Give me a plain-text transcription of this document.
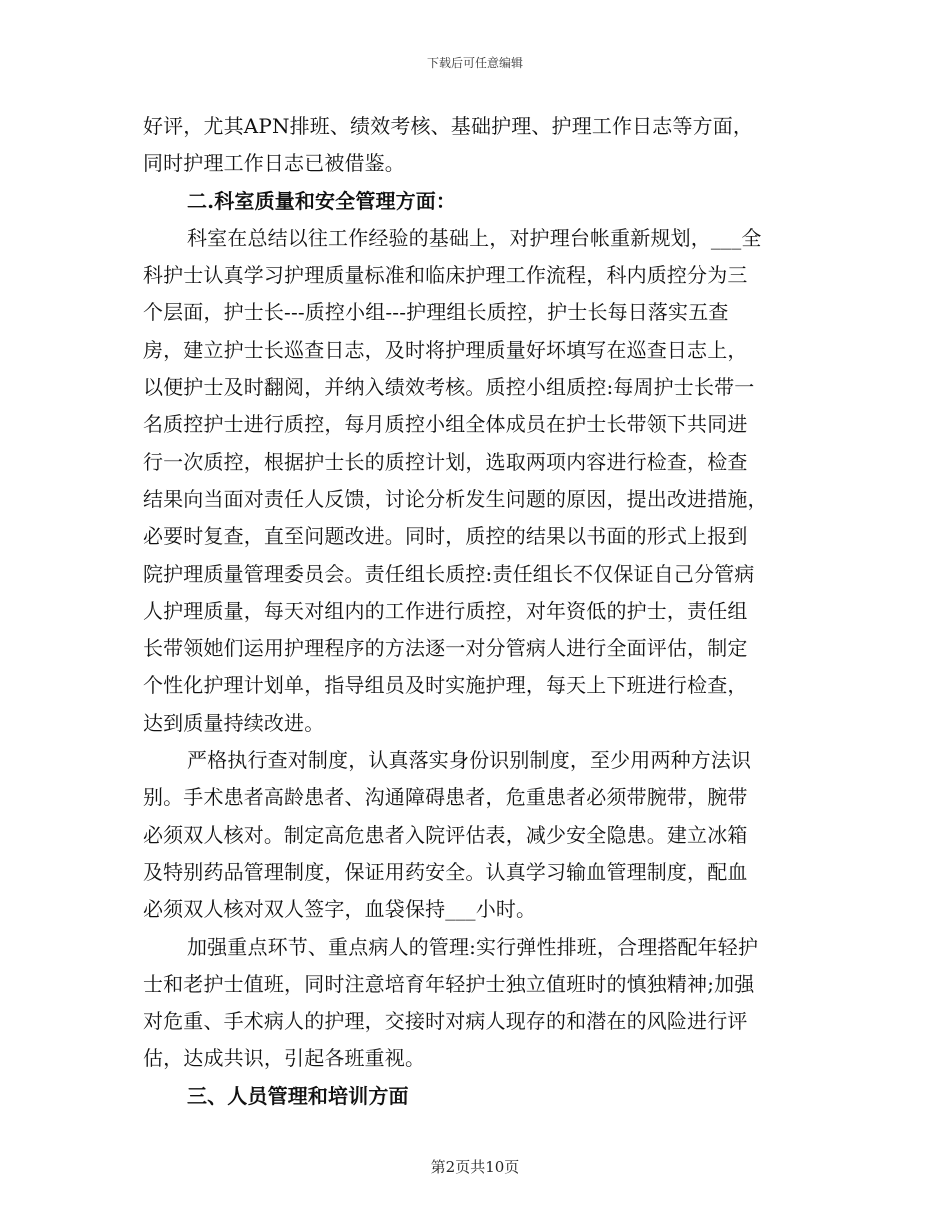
下载后可任意编辑
好评，尤其APN排班、绩效考核、基础护理、护理工作日志等方面，
同时护理工作日志已被借鉴。
二.科室质量和安全管理方面：
科室在总结以往工作经验的基础上，对护理台帐重新规划，___全
科护士认真学习护理质量标准和临床护理工作流程，科内质控分为三
个层面，护士长---质控小组---护理组长质控，护士长每日落实五查
房，建立护士长巡查日志，及时将护理质量好坏填写在巡查日志上，
以便护士及时翻阅，并纳入绩效考核。质控小组质控:每周护士长带一
名质控护士进行质控，每月质控小组全体成员在护士长带领下共同进
行一次质控，根据护士长的质控计划，选取两项内容进行检查，检查
结果向当面对责任人反馈，讨论分析发生问题的原因，提出改进措施，
必要时复查，直至问题改进。同时，质控的结果以书面的形式上报到
院护理质量管理委员会。责任组长质控:责任组长不仅保证自己分管病
人护理质量，每天对组内的工作进行质控，对年资低的护士，责任组
长带领她们运用护理程序的方法逐一对分管病人进行全面评估，制定
个性化护理计划单，指导组员及时实施护理，每天上下班进行检查，
达到质量持续改进。
严格执行查对制度，认真落实身份识别制度，至少用两种方法识
别。手术患者高龄患者、沟通障碍患者，危重患者必须带腕带，腕带
必须双人核对。制定高危患者入院评估表，减少安全隐患。建立冰箱
及特别药品管理制度，保证用药安全。认真学习输血管理制度，配血
必须双人核对双人签字，血袋保持___小时。
加强重点环节、重点病人的管理:实行弹性排班，合理搭配年轻护
士和老护士值班，同时注意培育年轻护士独立值班时的慎独精神;加强
对危重、手术病人的护理，交接时对病人现存的和潜在的风险进行评
估，达成共识，引起各班重视。
三、人员管理和培训方面
第2页共10页
